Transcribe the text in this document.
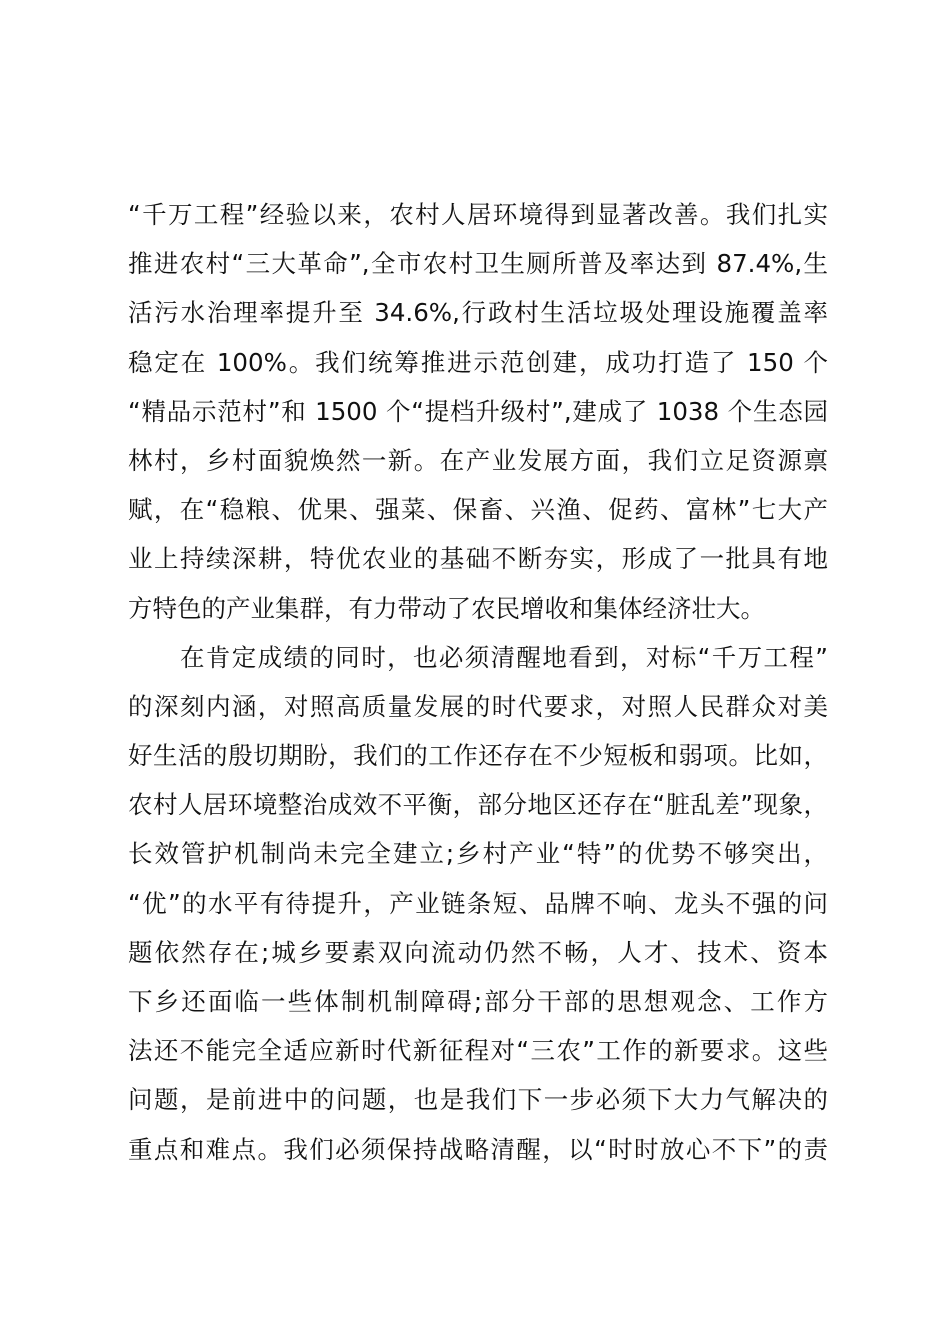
“千万工程”经验以来，农村人居环境得到显著改善。我们扎实
推进农村“三大革命”,全市农村卫生厕所普及率达到 87.4%,生
活污水治理率提升至 34.6%,行政村生活垃圾处理设施覆盖率
稳定在 100%。我们统筹推进示范创建，成功打造了 150 个
“精品示范村”和 1500 个“提档升级村”,建成了 1038 个生态园
林村，乡村面貌焕然一新。在产业发展方面，我们立足资源禀
赋，在“稳粮、优果、强菜、保畜、兴渔、促药、富林”七大产
业上持续深耕，特优农业的基础不断夯实，形成了一批具有地
方特色的产业集群，有力带动了农民增收和集体经济壮大。
在肯定成绩的同时，也必须清醒地看到，对标“千万工程”
的深刻内涵，对照高质量发展的时代要求，对照人民群众对美
好生活的殷切期盼，我们的工作还存在不少短板和弱项。比如，
农村人居环境整治成效不平衡，部分地区还存在“脏乱差”现象，
长效管护机制尚未完全建立;乡村产业“特”的优势不够突出，
“优”的水平有待提升，产业链条短、品牌不响、龙头不强的问
题依然存在;城乡要素双向流动仍然不畅，人才、技术、资本
下乡还面临一些体制机制障碍;部分干部的思想观念、工作方
法还不能完全适应新时代新征程对“三农”工作的新要求。这些
问题，是前进中的问题，也是我们下一步必须下大力气解决的
重点和难点。我们必须保持战略清醒，以“时时放心不下”的责
